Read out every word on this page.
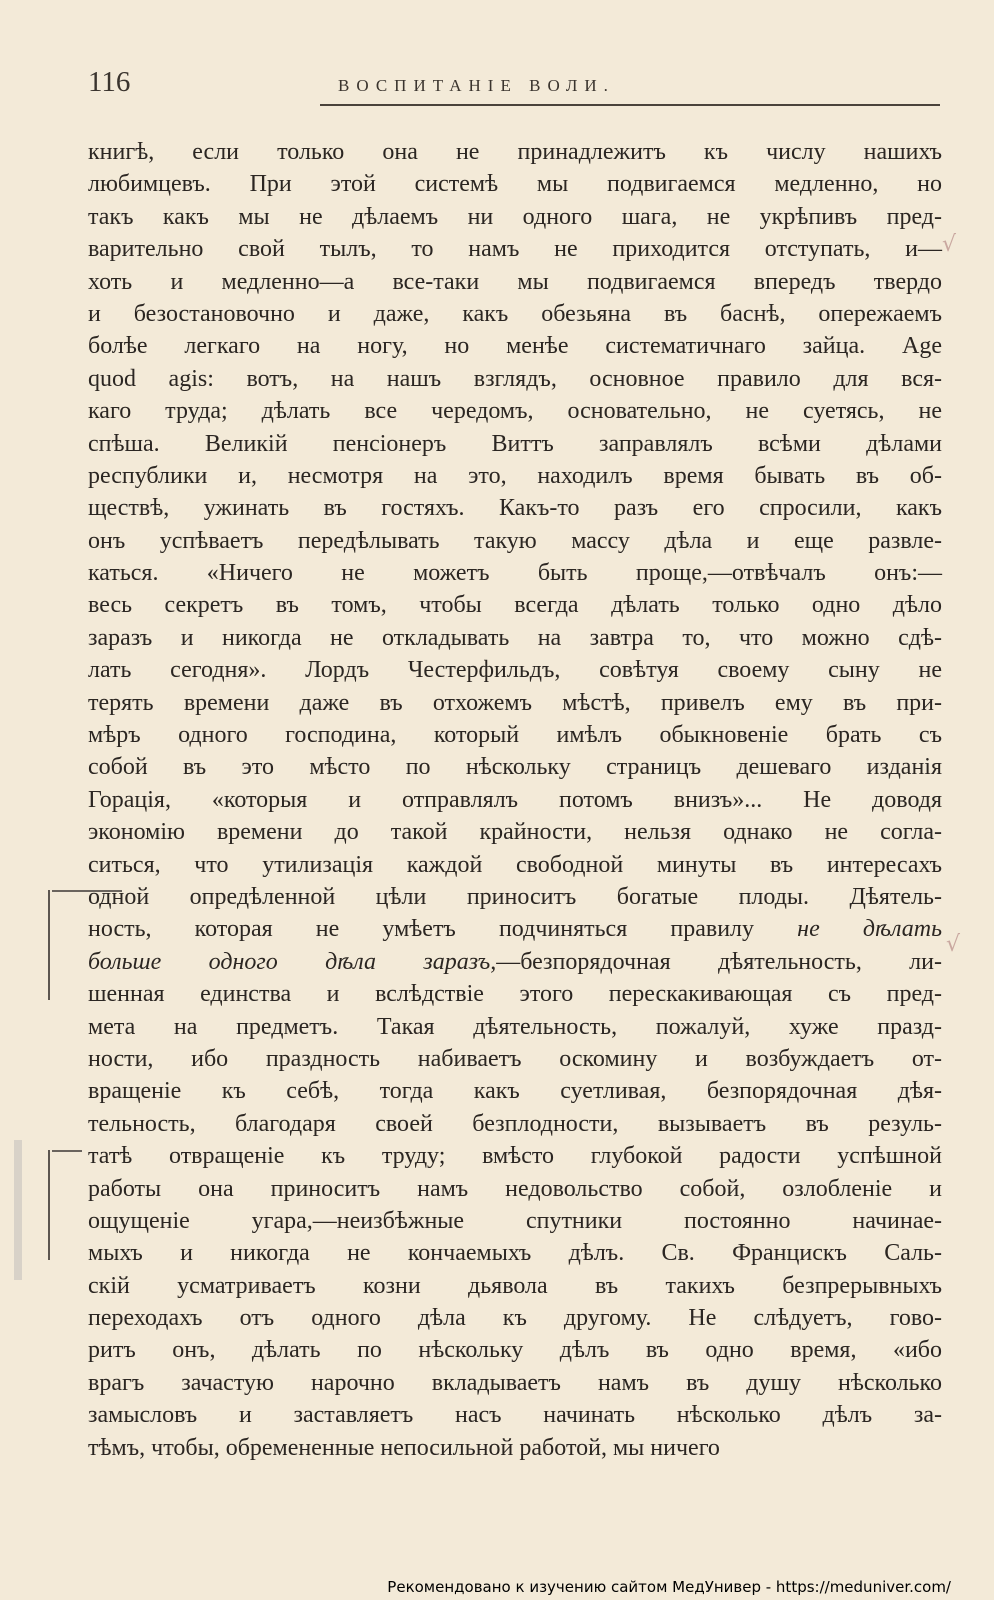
116	ВОСПИТАНІЕ ВОЛИ.
книгѣ, если только она не принадлежитъ къ числу нашихъ
любимцевъ. При этой системѣ мы подвигаемся медленно, но
такъ какъ мы не дѣлаемъ ни одного шага, не укрѣпивъ пред-
варительно свой тылъ, то намъ не приходится отступать, и—
хоть и медленно—а все-таки мы подвигаемся впередъ твердо
и безостановочно и даже, какъ обезьяна въ баснѣ, опережаемъ
болѣе легкаго на ногу, но менѣе систематичнаго зайца. Age
quod agis: вотъ, на нашъ взглядъ, основное правило для вся-
каго труда; дѣлать все чередомъ, основательно, не суетясь, не
спѣша. Великій пенсіонеръ Виттъ заправлялъ всѣми дѣлами
республики и, несмотря на это, находилъ время бывать въ об-
ществѣ, ужинать въ гостяхъ. Какъ-то разъ его спросили, какъ
онъ успѣваетъ передѣлывать такую массу дѣла и еще развле-
каться. «Ничего не можетъ быть проще,—отвѣчалъ онъ:—
весь секретъ въ томъ, чтобы всегда дѣлать только одно дѣло
заразъ и никогда не откладывать на завтра то, что можно сдѣ-
лать сегодня». Лордъ Честерфильдъ, совѣтуя своему сыну не
терять времени даже въ отхожемъ мѣстѣ, привелъ ему въ при-
мѣръ одного господина, который имѣлъ обыкновеніе брать съ
собой въ это мѣсто по нѣскольку страницъ дешеваго изданія
Горація, «которыя и отправлялъ потомъ внизъ»... Не доводя
экономію времени до такой крайности, нельзя однако не согла-
ситься, что утилизація каждой свободной минуты въ интересахъ
одной опредѣленной цѣли приноситъ богатые плоды. Дѣятель-
ность, которая не умѣетъ подчиняться правилу не дѣлать
больше одного дѣла заразъ,—безпорядочная дѣятельность, ли-
шенная единства и вслѣдствіе этого перескакивающая съ пред-
мета на предметъ. Такая дѣятельность, пожалуй, хуже празд-
ности, ибо праздность набиваетъ оскомину и возбуждаетъ от-
вращеніе къ себѣ, тогда какъ суетливая, безпорядочная дѣя-
тельность, благодаря своей безплодности, вызываетъ въ резуль-
татѣ отвращеніе къ труду; вмѣсто глубокой радости успѣшной
работы она приноситъ намъ недовольство собой, озлобленіе и
ощущеніе угара,—неизбѣжные спутники постоянно начинае-
мыхъ и никогда не кончаемыхъ дѣлъ. Св. Францискъ Саль-
скій усматриваетъ козни дьявола въ такихъ безпрерывныхъ
переходахъ отъ одного дѣла къ другому. Не слѣдуетъ, гово-
ритъ онъ, дѣлать по нѣскольку дѣлъ въ одно время, «ибо
врагъ зачастую нарочно вкладываетъ намъ въ душу нѣсколько
замысловъ и заставляетъ насъ начинать нѣсколько дѣлъ за-
тѣмъ, чтобы, обремененные непосильной работой, мы ничего
√
√
Рекомендовано к изучению сайтом МедУнивер - https://meduniver.com/
